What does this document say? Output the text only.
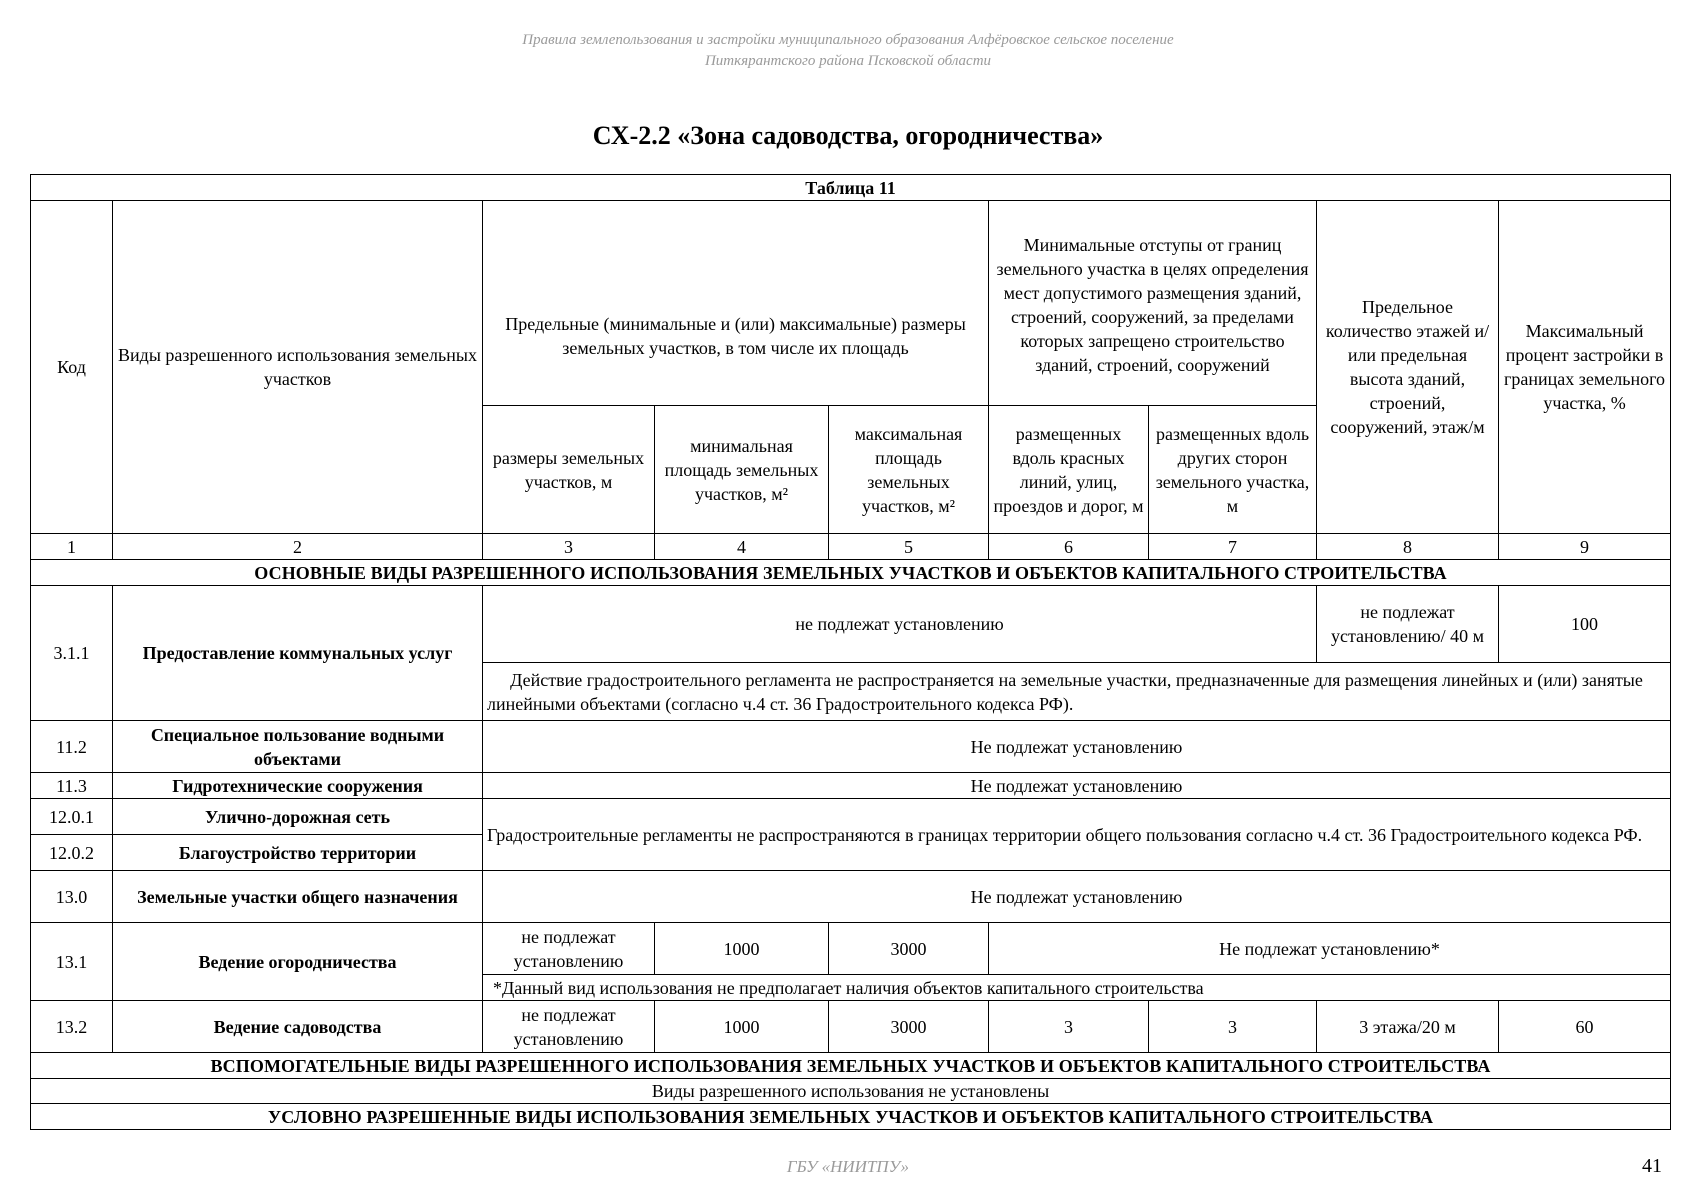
Правила землепользования и застройки муниципального образования Алфёровское сельское поселение
Питкярантского района Псковской области
СХ-2.2 «Зона садоводства, огородничества»
Таблица 11								
Код	Виды разрешенного использования земельных участков	Предельные (минимальные и (или) максимальные) размеры земельных участков, в том числе их площадь			Минимальные отступы от границ земельного участка в целях определения мест допустимого размещения зданий, строений, сооружений, за пределами которых запрещено строительство зданий, строений, сооружений		Предельное количество этажей и/или предельная высота зданий, строений, сооружений, этаж/м	Максимальный процент застройки в границах земельного участка, %
		размеры земельных участков, м	минимальная площадь земельных участков, м²	максимальная площадь земельных участков, м²	размещенных вдоль красных линий, улиц, проездов и дорог, м	размещенных вдоль других сторон земельного участка, м		
1	2	3	4	5	6	7	8	9
ОСНОВНЫЕ ВИДЫ РАЗРЕШЕННОГО ИСПОЛЬЗОВАНИЯ ЗЕМЕЛЬНЫХ УЧАСТКОВ И ОБЪЕКТОВ КАПИТАЛЬНОГО СТРОИТЕЛЬСТВА								
3.1.1	Предоставление коммунальных услуг	не подлежат установлению					не подлежат установлению/ 40 м	100
		Действие градостроительного регламента не распространяется на земельные участки, предназначенные для размещения линейных и (или) занятые линейными объектами (согласно ч.4 ст. 36 Градостроительного кодекса РФ).						
11.2	Специальное пользование водными объектами	Не подлежат установлению						
11.3	Гидротехнические сооружения	Не подлежат установлению						
12.0.1	Улично-дорожная сеть	Градостроительные регламенты не распространяются в границах территории общего пользования согласно ч.4 ст. 36 Градостроительного кодекса РФ.						
12.0.2	Благоустройство территории							
13.0	Земельные участки общего назначения	Не подлежат установлению						
13.1	Ведение огородничества	не подлежат установлению	1000	3000	Не подлежат установлению*			
		*Данный вид использования не предполагает наличия объектов капитального строительства						
13.2	Ведение садоводства	не подлежат установлению	1000	3000	3	3	3 этажа/20 м	60
ВСПОМОГАТЕЛЬНЫЕ ВИДЫ РАЗРЕШЕННОГО ИСПОЛЬЗОВАНИЯ ЗЕМЕЛЬНЫХ УЧАСТКОВ И ОБЪЕКТОВ КАПИТАЛЬНОГО СТРОИТЕЛЬСТВА								
Виды разрешенного использования не установлены								
УСЛОВНО РАЗРЕШЕННЫЕ ВИДЫ ИСПОЛЬЗОВАНИЯ ЗЕМЕЛЬНЫХ УЧАСТКОВ И ОБЪЕКТОВ КАПИТАЛЬНОГО СТРОИТЕЛЬСТВА								
ГБУ «НИИТПУ»	41
